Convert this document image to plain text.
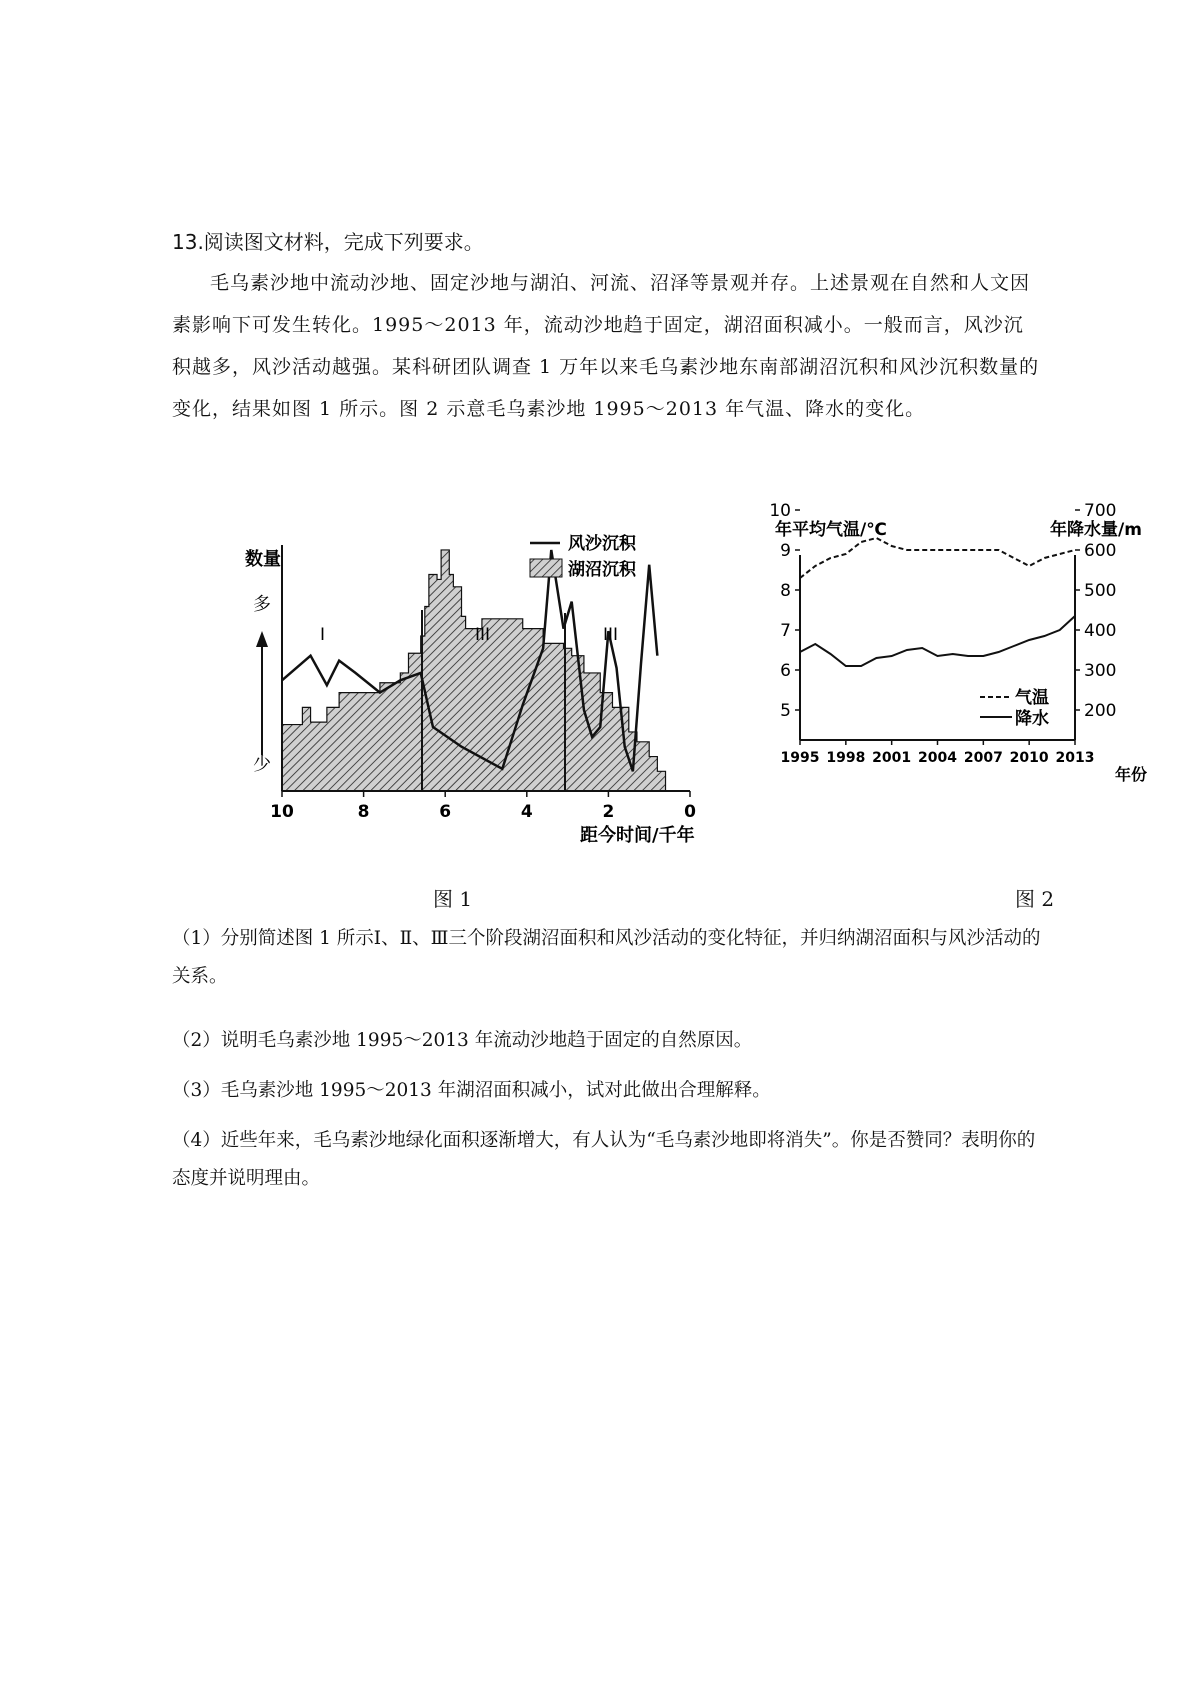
13.阅读图文材料，完成下列要求。

毛乌素沙地中流动沙地、固定沙地与湖泊、河流、沼泽等景观并存。上述景观在自然和人文因素影响下可发生转化。1995～2013 年，流动沙地趋于固定，湖沼面积减小。一般而言，风沙沉积越多，风沙活动越强。某科研团队调查 1 万年以来毛乌素沙地东南部湖沼沉积和风沙沉积数量的变化，结果如图 1 所示。图 2 示意毛乌素沙地 1995～2013 年气温、降水的变化。

数量
多
少
I	III	III
10	8	6	4	2	0
距今时间/千年
风沙沉积
湖沼沉积
年平均气温/℃	年降水量/m
10
9
8
7
6
5
700
600
500
400
300
200
1995 1998 2001 2004 2007 2010 2013
年份
气温
降水
图 1	图 2

（1）分别简述图 1 所示Ⅰ、Ⅱ、Ⅲ三个阶段湖沼面积和风沙活动的变化特征，并归纳湖沼面积与风沙活动的关系。

（2）说明毛乌素沙地 1995～2013 年流动沙地趋于固定的自然原因。

（3）毛乌素沙地 1995～2013 年湖沼面积减小，试对此做出合理解释。

（4）近些年来，毛乌素沙地绿化面积逐渐增大，有人认为“毛乌素沙地即将消失”。你是否赞同？表明你的态度并说明理由。
